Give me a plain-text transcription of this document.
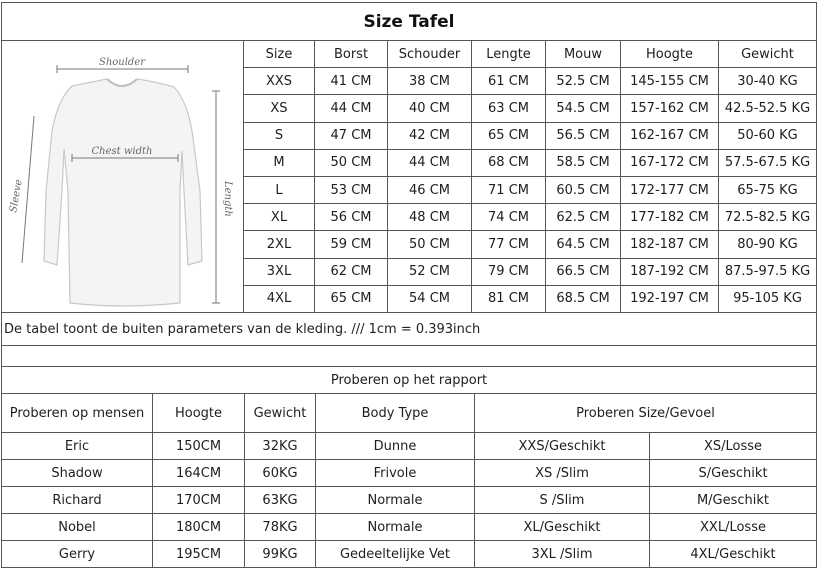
Size Tafel
Shoulder
Chest width
Length
Sleeve
Size	Borst	Schouder	Lengte	Mouw	Hoogte	Gewicht
XXS	41 CM	38 CM	61 CM	52.5 CM	145-155 CM	30-40 KG
XS	44 CM	40 CM	63 CM	54.5 CM	157-162 CM	42.5-52.5 KG
S	47 CM	42 CM	65 CM	56.5 CM	162-167 CM	50-60 KG
M	50 CM	44 CM	68 CM	58.5 CM	167-172 CM	57.5-67.5 KG
L	53 CM	46 CM	71 CM	60.5 CM	172-177 CM	65-75 KG
XL	56 CM	48 CM	74 CM	62.5 CM	177-182 CM	72.5-82.5 KG
2XL	59 CM	50 CM	77 CM	64.5 CM	182-187 CM	80-90 KG
3XL	62 CM	52 CM	79 CM	66.5 CM	187-192 CM	87.5-97.5 KG
4XL	65 CM	54 CM	81 CM	68.5 CM	192-197 CM	95-105 KG
De tabel toont de buiten parameters van de kleding. /// 1cm = 0.393inch
Proberen op het rapport					
Proberen op mensen	Hoogte	Gewicht	Body Type	Proberen Size/Gevoel	
Eric	150CM	32KG	Dunne	XXS/Geschikt	XS/Losse
Shadow	164CM	60KG	Frivole	XS /Slim	S/Geschikt
Richard	170CM	63KG	Normale	S /Slim	M/Geschikt
Nobel	180CM	78KG	Normale	XL/Geschikt	XXL/Losse
Gerry	195CM	99KG	Gedeeltelijke Vet	3XL /Slim	4XL/Geschikt
